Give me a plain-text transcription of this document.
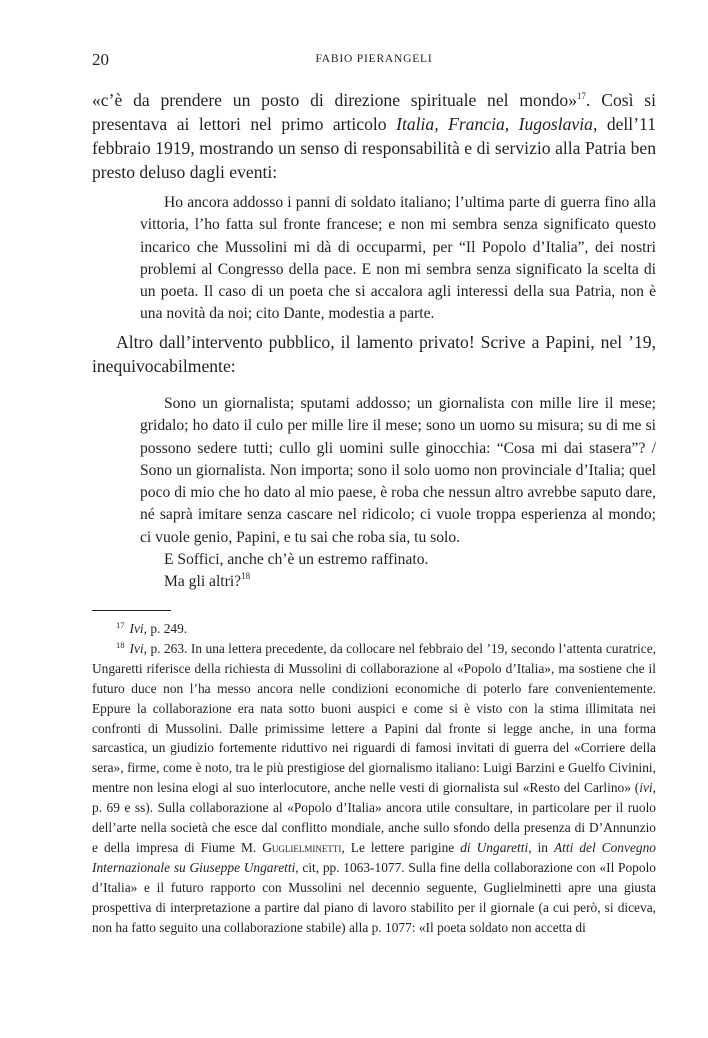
20	FABIO PIERANGELI

«c’è da prendere un posto di direzione spirituale nel mondo»$^{17}$. Così si presentava ai lettori nel primo articolo Italia, Francia, Iugoslavia, dell’11 febbraio 1919, mostrando un senso di responsabilità e di servizio alla Patria ben presto deluso dagli eventi:

Ho ancora addosso i panni di soldato italiano; l’ultima parte di guerra fino alla vittoria, l’ho fatta sul fronte francese; e non mi sembra senza significato questo incarico che Mussolini mi dà di occuparmi, per “Il Popolo d’Italia”, dei nostri problemi al Congresso della pace. E non mi sembra senza significato la scelta di un poeta. Il caso di un poeta che si accalora agli interessi della sua Patria, non è una novità da noi; cito Dante, modestia a parte.

Altro dall’intervento pubblico, il lamento privato! Scrive a Papini, nel ’19, inequivocabilmente:

Sono un giornalista; sputami addosso; un giornalista con mille lire il mese; gridalo; ho dato il culo per mille lire il mese; sono un uomo su misura; su di me si possono sedere tutti; cullo gli uomini sulle ginocchia: “Cosa mi dai stasera”? / Sono un giornalista. Non importa; sono il solo uomo non provinciale d’Italia; quel poco di mio che ho dato al mio paese, è roba che nessun altro avrebbe saputo dare, né saprà imitare senza cascare nel ridicolo; ci vuole troppa esperienza al mondo; ci vuole genio, Papini, e tu sai che roba sia, tu solo.

E Soffici, anche ch’è un estremo raffinato.

Ma gli altri?$^{18}$

$^{17}$ Ivi, p. 249.

$^{18}$ Ivi, p. 263. In una lettera precedente, da collocare nel febbraio del ’19, secondo l’attenta curatrice, Ungaretti riferisce della richiesta di Mussolini di collaborazione al «Popolo d’Italia», ma sostiene che il futuro duce non l’ha messo ancora nelle condizioni economiche di poterlo fare convenientemente. Eppure la collaborazione era nata sotto buoni auspici e come si è visto con la stima illimitata nei confronti di Mussolini. Dalle primissime lettere a Papini dal fronte si legge anche, in una forma sarcastica, un giudizio fortemente riduttivo nei riguardi di famosi invitati di guerra del «Corriere della sera», firme, come è noto, tra le più prestigiose del giornalismo italiano: Luigi Barzini e Guelfo Civinini, mentre non lesina elogi al suo interlocutore, anche nelle vesti di giornalista sul «Resto del Carlino» (ivi, p. 69 e ss). Sulla collaborazione al «Popolo d’Italia» ancora utile consultare, in particolare per il ruolo dell’arte nella società che esce dal conflitto mondiale, anche sullo sfondo della presenza di D’Annunzio e della impresa di Fiume M. Guglielminetti, Le lettere parigine di Ungaretti, in Atti del Convegno Internazionale su Giuseppe Ungaretti, cit, pp. 1063-1077. Sulla fine della collaborazione con «Il Popolo d’Italia» e il futuro rapporto con Mussolini nel decennio seguente, Guglielminetti apre una giusta prospettiva di interpretazione a partire dal piano di lavoro stabilito per il giornale (a cui però, si diceva, non ha fatto seguito una collaborazione stabile) alla p. 1077: «Il poeta soldato non accetta di
